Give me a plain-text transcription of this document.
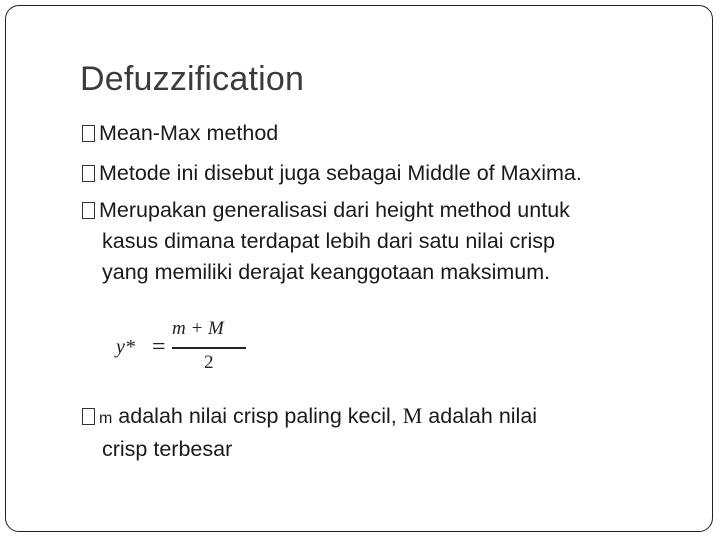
Defuzzification
Mean-Max method
Metode ini disebut juga sebagai Middle of Maxima.
Merupakan generalisasi dari height method untuk
kasus dimana terdapat lebih dari satu nilai crisp
yang memiliki derajat keanggotaan maksimum.
y* =
m + M
2
m adalah nilai crisp paling kecil, M adalah nilai
crisp terbesar
